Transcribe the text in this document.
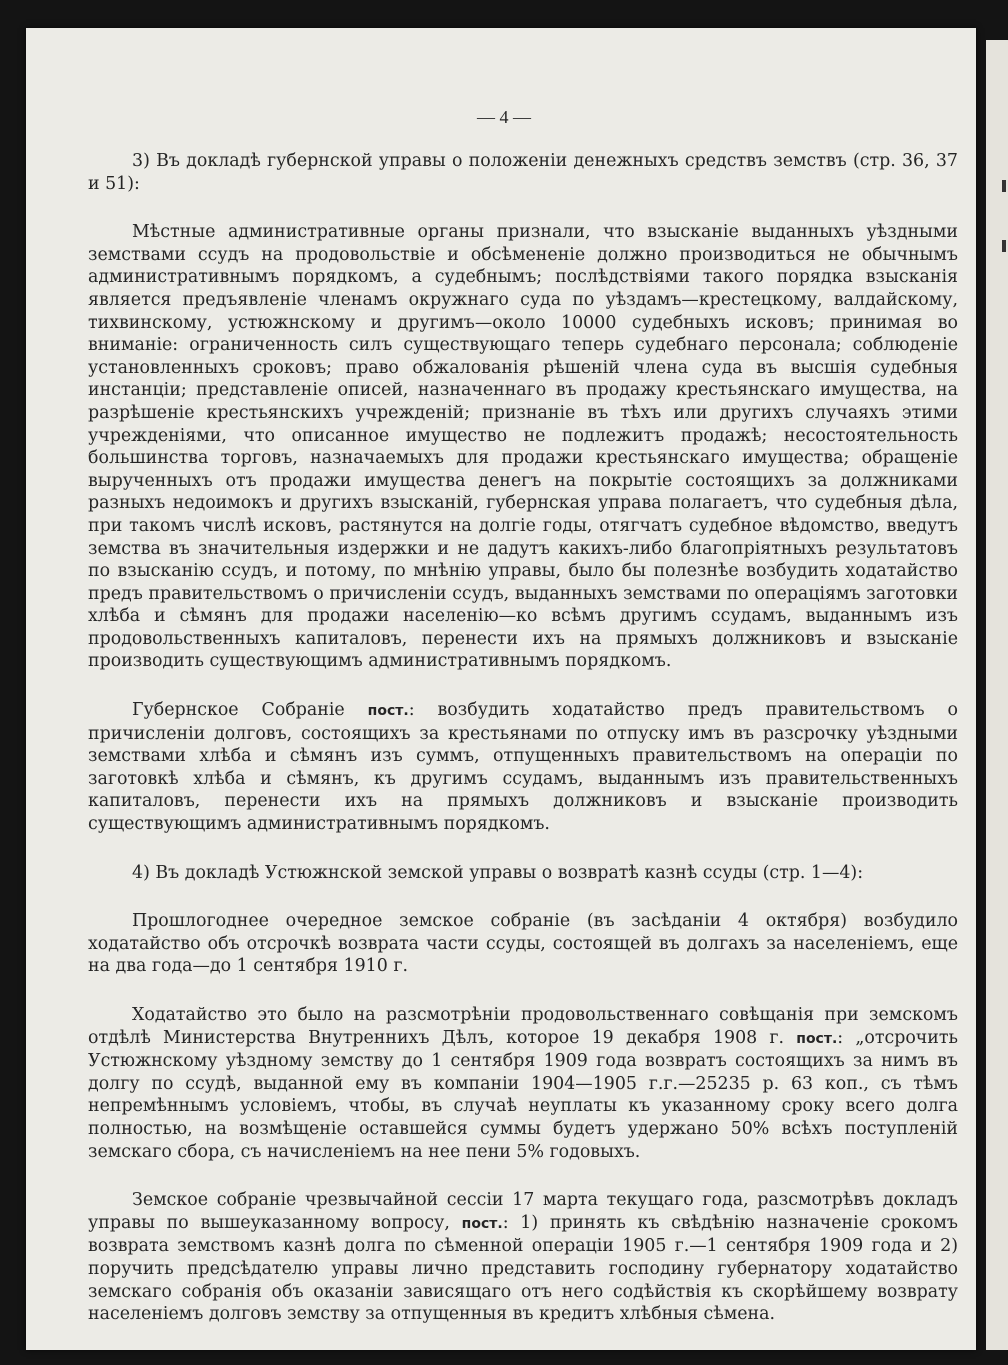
— 4 —

3) Въ докладѣ губернской управы о положеніи денежныхъ средствъ земствъ (стр. 36, 37 и 51):

Мѣстные административные органы признали, что взысканіе выданныхъ уѣздными земствами ссудъ на продовольствіе и обсѣмененіе должно производиться не обычнымъ административнымъ порядкомъ, а судебнымъ; послѣдствіями такого порядка взысканія является предъявленіе членамъ окружнаго суда по уѣздамъ—крестецкому, валдайскому, тихвинскому, устюжнскому и другимъ—около 10000 судебныхъ исковъ; принимая во вниманіе: ограниченность силъ существующаго теперь судебнаго персонала; соблюденіе установленныхъ сроковъ; право обжалованія рѣшеній члена суда въ высшія судебныя инстанціи; представленіе описей, назначеннаго въ продажу крестьянскаго имущества, на разрѣшеніе крестьянскихъ учрежденій; признаніе въ тѣхъ или другихъ случаяхъ этими учрежденіями, что описанное имущество не подлежитъ продажѣ; несостоятельность большинства торговъ, назначаемыхъ для продажи крестьянскаго имущества; обращеніе вырученныхъ отъ продажи имущества денегъ на покрытіе состоящихъ за должниками разныхъ недоимокъ и другихъ взысканій, губернская управа полагаетъ, что судебныя дѣла, при такомъ числѣ исковъ, растянутся на долгіе годы, отягчатъ судебное вѣдомство, введутъ земства въ значительныя издержки и не дадутъ какихъ-либо благопріятныхъ результатовъ по взысканію ссудъ, и потому, по мнѣнію управы, было бы полезнѣе возбудить ходатайство предъ правительствомъ о причисленіи ссудъ, выданныхъ земствами по операціямъ заготовки хлѣба и сѣмянъ для продажи населенію—ко всѣмъ другимъ ссудамъ, выданнымъ изъ продовольственныхъ капиталовъ, перенести ихъ на прямыхъ должниковъ и взысканіе производить существующимъ административнымъ порядкомъ.

Губернское Собраніе пост.: возбудить ходатайство предъ правительствомъ о причисленіи долговъ, состоящихъ за крестьянами по отпуску имъ въ разсрочку уѣздными земствами хлѣба и сѣмянъ изъ суммъ, отпущенныхъ правительствомъ на операціи по заготовкѣ хлѣба и сѣмянъ, къ другимъ ссудамъ, выданнымъ изъ правительственныхъ капиталовъ, перенести ихъ на прямыхъ должниковъ и взысканіе производить существующимъ административнымъ порядкомъ.

4) Въ докладѣ Устюжнской земской управы о возвратѣ казнѣ ссуды (стр. 1—4):

Прошлогоднее очередное земское собраніе (въ засѣданіи 4 октября) возбудило ходатайство объ отсрочкѣ возврата части ссуды, состоящей въ долгахъ за населеніемъ, еще на два года—до 1 сентября 1910 г.

Ходатайство это было на разсмотрѣніи продовольственнаго совѣщанія при земскомъ отдѣлѣ Министерства Внутреннихъ Дѣлъ, которое 19 декабря 1908 г. пост.: „отсрочить Устюжнскому уѣздному земству до 1 сентября 1909 года возвратъ состоящихъ за нимъ въ долгу по ссудѣ, выданной ему въ компаніи 1904—1905 г.г.—25235 р. 63 коп., съ тѣмъ непремѣннымъ условіемъ, чтобы, въ случаѣ неуплаты къ указанному сроку всего долга полностью, на возмѣщеніе оставшейся суммы будетъ удержано 50% всѣхъ поступленій земскаго сбора, съ начисленіемъ на нее пени 5% годовыхъ.

Земское собраніе чрезвычайной сессіи 17 марта текущаго года, разсмотрѣвъ докладъ управы по вышеуказанному вопросу, пост.: 1) принять къ свѣдѣнію назначеніе срокомъ возврата земствомъ казнѣ долга по сѣменной операціи 1905 г.—1 сентября 1909 года и 2) поручить предсѣдателю управы лично представить господину губернатору ходатайство земскаго собранія объ оказаніи зависящаго отъ него содѣйствія къ скорѣйшему возврату населеніемъ долговъ земству за отпущенныя въ кредитъ хлѣбныя сѣмена.
